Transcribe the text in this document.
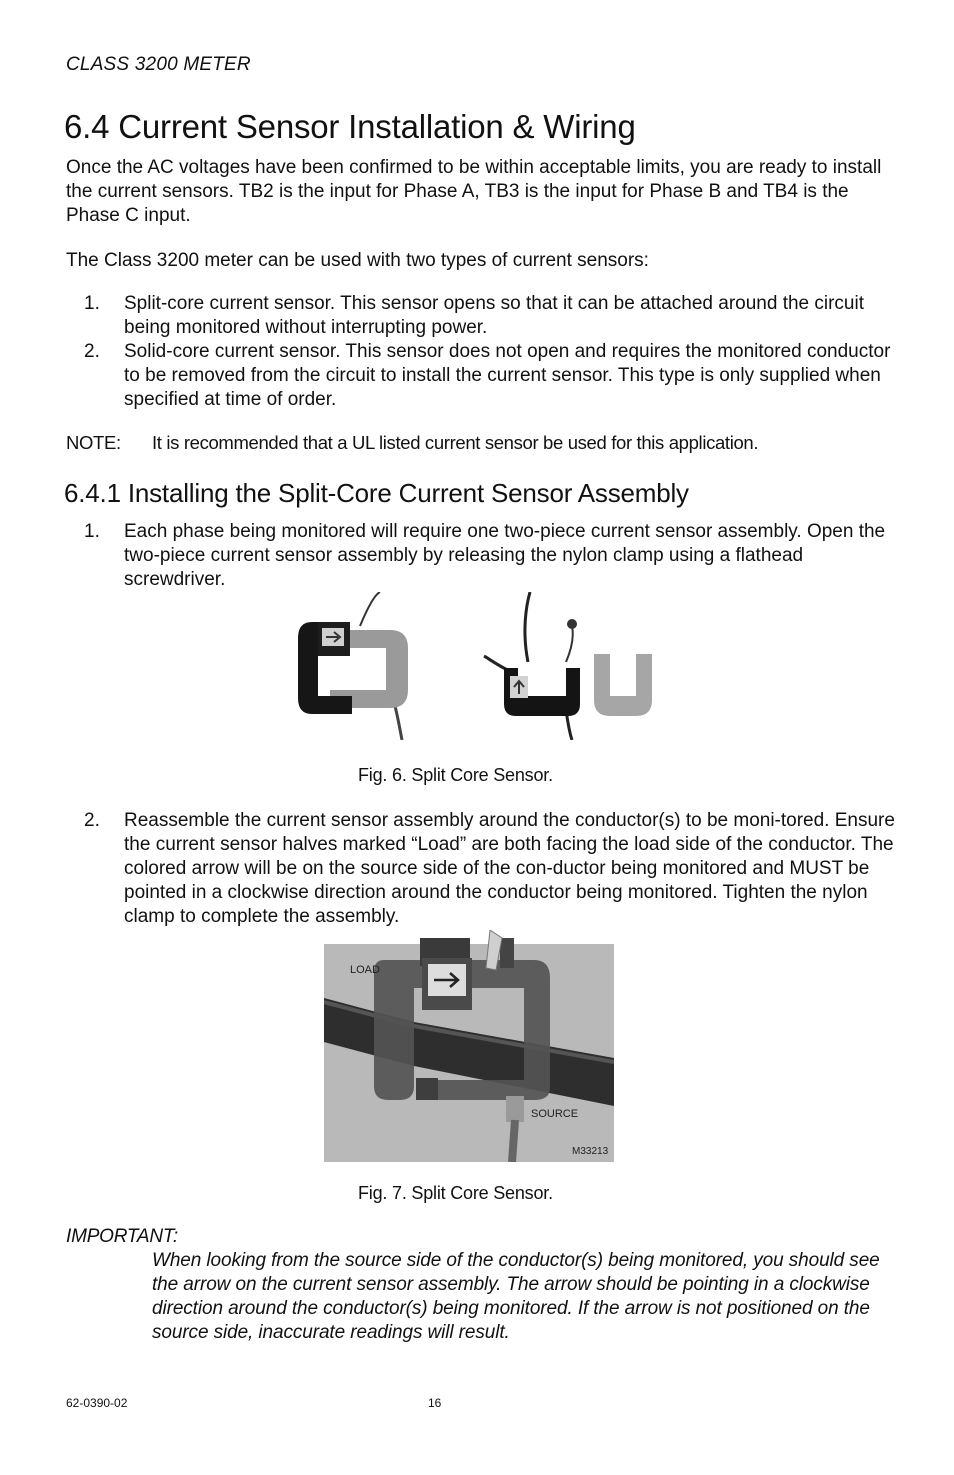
CLASS 3200 METER
6.4 Current Sensor Installation & Wiring

Once the AC voltages have been confirmed to be within acceptable limits, you are ready to install the current sensors. TB2 is the input for Phase A, TB3 is the input for Phase B and TB4 is the Phase C input.

The Class 3200 meter can be used with two types of current sensors:

1.	Split-core current sensor. This sensor opens so that it can be attached around the circuit being monitored without interrupting power.
2.	Solid-core current sensor. This sensor does not open and requires the monitored conductor to be removed from the circuit to install the current sensor. This type is only supplied when specified at time of order.
NOTE: It is recommended that a UL listed current sensor be used for this application.
6.4.1 Installing the Split-Core Current Sensor Assembly
1.	Each phase being monitored will require one two-piece current sensor assembly. Open the two-piece current sensor assembly by releasing the nylon clamp using a flathead screwdriver.
Fig. 6. Split Core Sensor.
2.	Reassemble the current sensor assembly around the conductor(s) to be moni-tored. Ensure the current sensor halves marked “Load” are both facing the load side of the conductor. The colored arrow will be on the source side of the con-ductor being monitored and MUST be pointed in a clockwise direction around the conductor being monitored. Tighten the nylon clamp to complete the assembly.
LOAD
SOURCE
M33213
Fig. 7. Split Core Sensor.
IMPORTANT:

When looking from the source side of the conductor(s) being monitored, you should see the arrow on the current sensor assembly. The arrow should be pointing in a clockwise direction around the conductor(s) being monitored. If the arrow is not positioned on the source side, inaccurate readings will result.

62-0390-02	16
